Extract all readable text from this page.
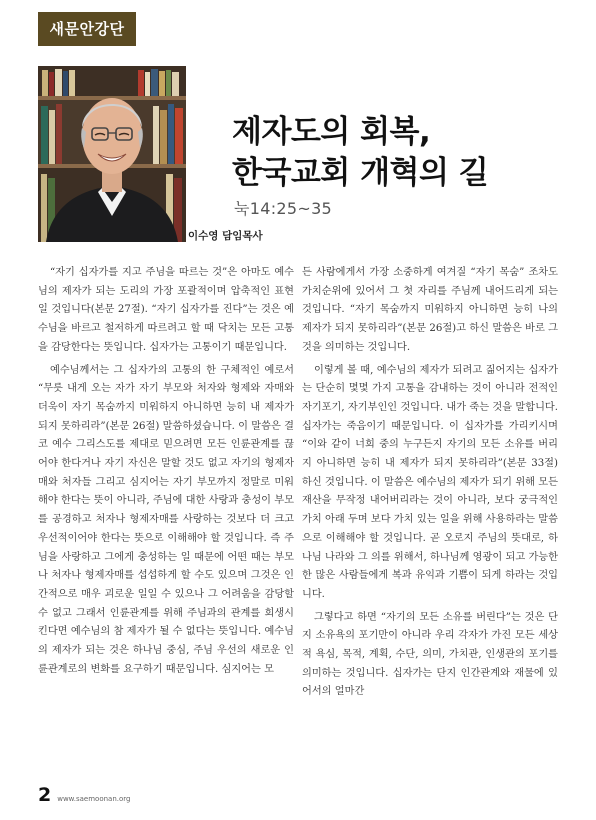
새문안강단
제자도의 회복,
한국교회 개혁의 길
눅14:25~35
이수영 담임목사

“자기 십자가를 지고 주님을 따르는 것”은 아마도 예수님의 제자가 되는 도리의 가장 포괄적이며 압축적인 표현일 것입니다(본문 27절). “자기 십자가를 진다”는 것은 예수님을 바르고 철저하게 따르려고 할 때 닥치는 모든 고통을 감당한다는 뜻입니다. 십자가는 고통이기 때문입니다.

예수님께서는 그 십자가의 고통의 한 구체적인 예로서 “무릇 내게 오는 자가 자기 부모와 처자와 형제와 자매와 더욱이 자기 목숨까지 미워하지 아니하면 능히 내 제자가 되지 못하리라”(본문 26절) 말씀하셨습니다. 이 말씀은 결코 예수 그리스도를 제대로 믿으려면 모든 인륜관계를 끊어야 한다거나 자기 자신은 말할 것도 없고 자기의 형제자매와 처자들 그리고 심지어는 자기 부모까지 정말로 미워해야 한다는 뜻이 아니라, 주님에 대한 사랑과 충성이 부모를 공경하고 처자나 형제자매를 사랑하는 것보다 더 크고 우선적이어야 한다는 뜻으로 이해해야 할 것입니다. 즉 주님을 사랑하고 그에게 충성하는 일 때문에 어떤 때는 부모나 처자나 형제자매를 섭섭하게 할 수도 있으며 그것은 인간적으로 매우 괴로운 일일 수 있으나 그 어려움을 감당할 수 없고 그래서 인륜관계를 위해 주님과의 관계를 희생시킨다면 예수님의 참 제자가 될 수 없다는 뜻입니다. 예수님의 제자가 되는 것은 하나님 중심, 주님 우선의 새로운 인륜관계로의 변화를 요구하기 때문입니다. 심지어는 모

든 사람에게서 가장 소중하게 여겨질 “자기 목숨” 조차도 가치순위에 있어서 그 첫 자리를 주님께 내어드리게 되는 것입니다. “자기 목숨까지 미워하지 아니하면 능히 나의 제자가 되지 못하리라”(본문 26절)고 하신 말씀은 바로 그것을 의미하는 것입니다.

이렇게 볼 때, 예수님의 제자가 되려고 짊어지는 십자가는 단순히 몇몇 가지 고통을 감내하는 것이 아니라 전적인 자기포기, 자기부인인 것입니다. 내가 죽는 것을 말합니다. 십자가는 죽음이기 때문입니다. 이 십자가를 가리키시며 “이와 같이 너희 중의 누구든지 자기의 모든 소유를 버리지 아니하면 능히 내 제자가 되지 못하리라”(본문 33절) 하신 것입니다. 이 말씀은 예수님의 제자가 되기 위해 모든 재산을 무작정 내어버리라는 것이 아니라, 보다 궁극적인 가치 아래 두며 보다 가치 있는 일을 위해 사용하라는 말씀으로 이해해야 할 것입니다. 곧 오로지 주님의 뜻대로, 하나님 나라와 그 의를 위해서, 하나님께 영광이 되고 가능한 한 많은 사람들에게 복과 유익과 기쁨이 되게 하라는 것입니다.

그렇다고 하면 “자기의 모든 소유를 버린다”는 것은 단지 소유욕의 포기만이 아니라 우리 각자가 가진 모든 세상적 욕심, 목적, 계획, 수단, 의미, 가치관, 인생관의 포기를 의미하는 것입니다. 십자가는 단지 인간관계와 재물에 있어서의 얼마간

2 www.saemoonan.org
